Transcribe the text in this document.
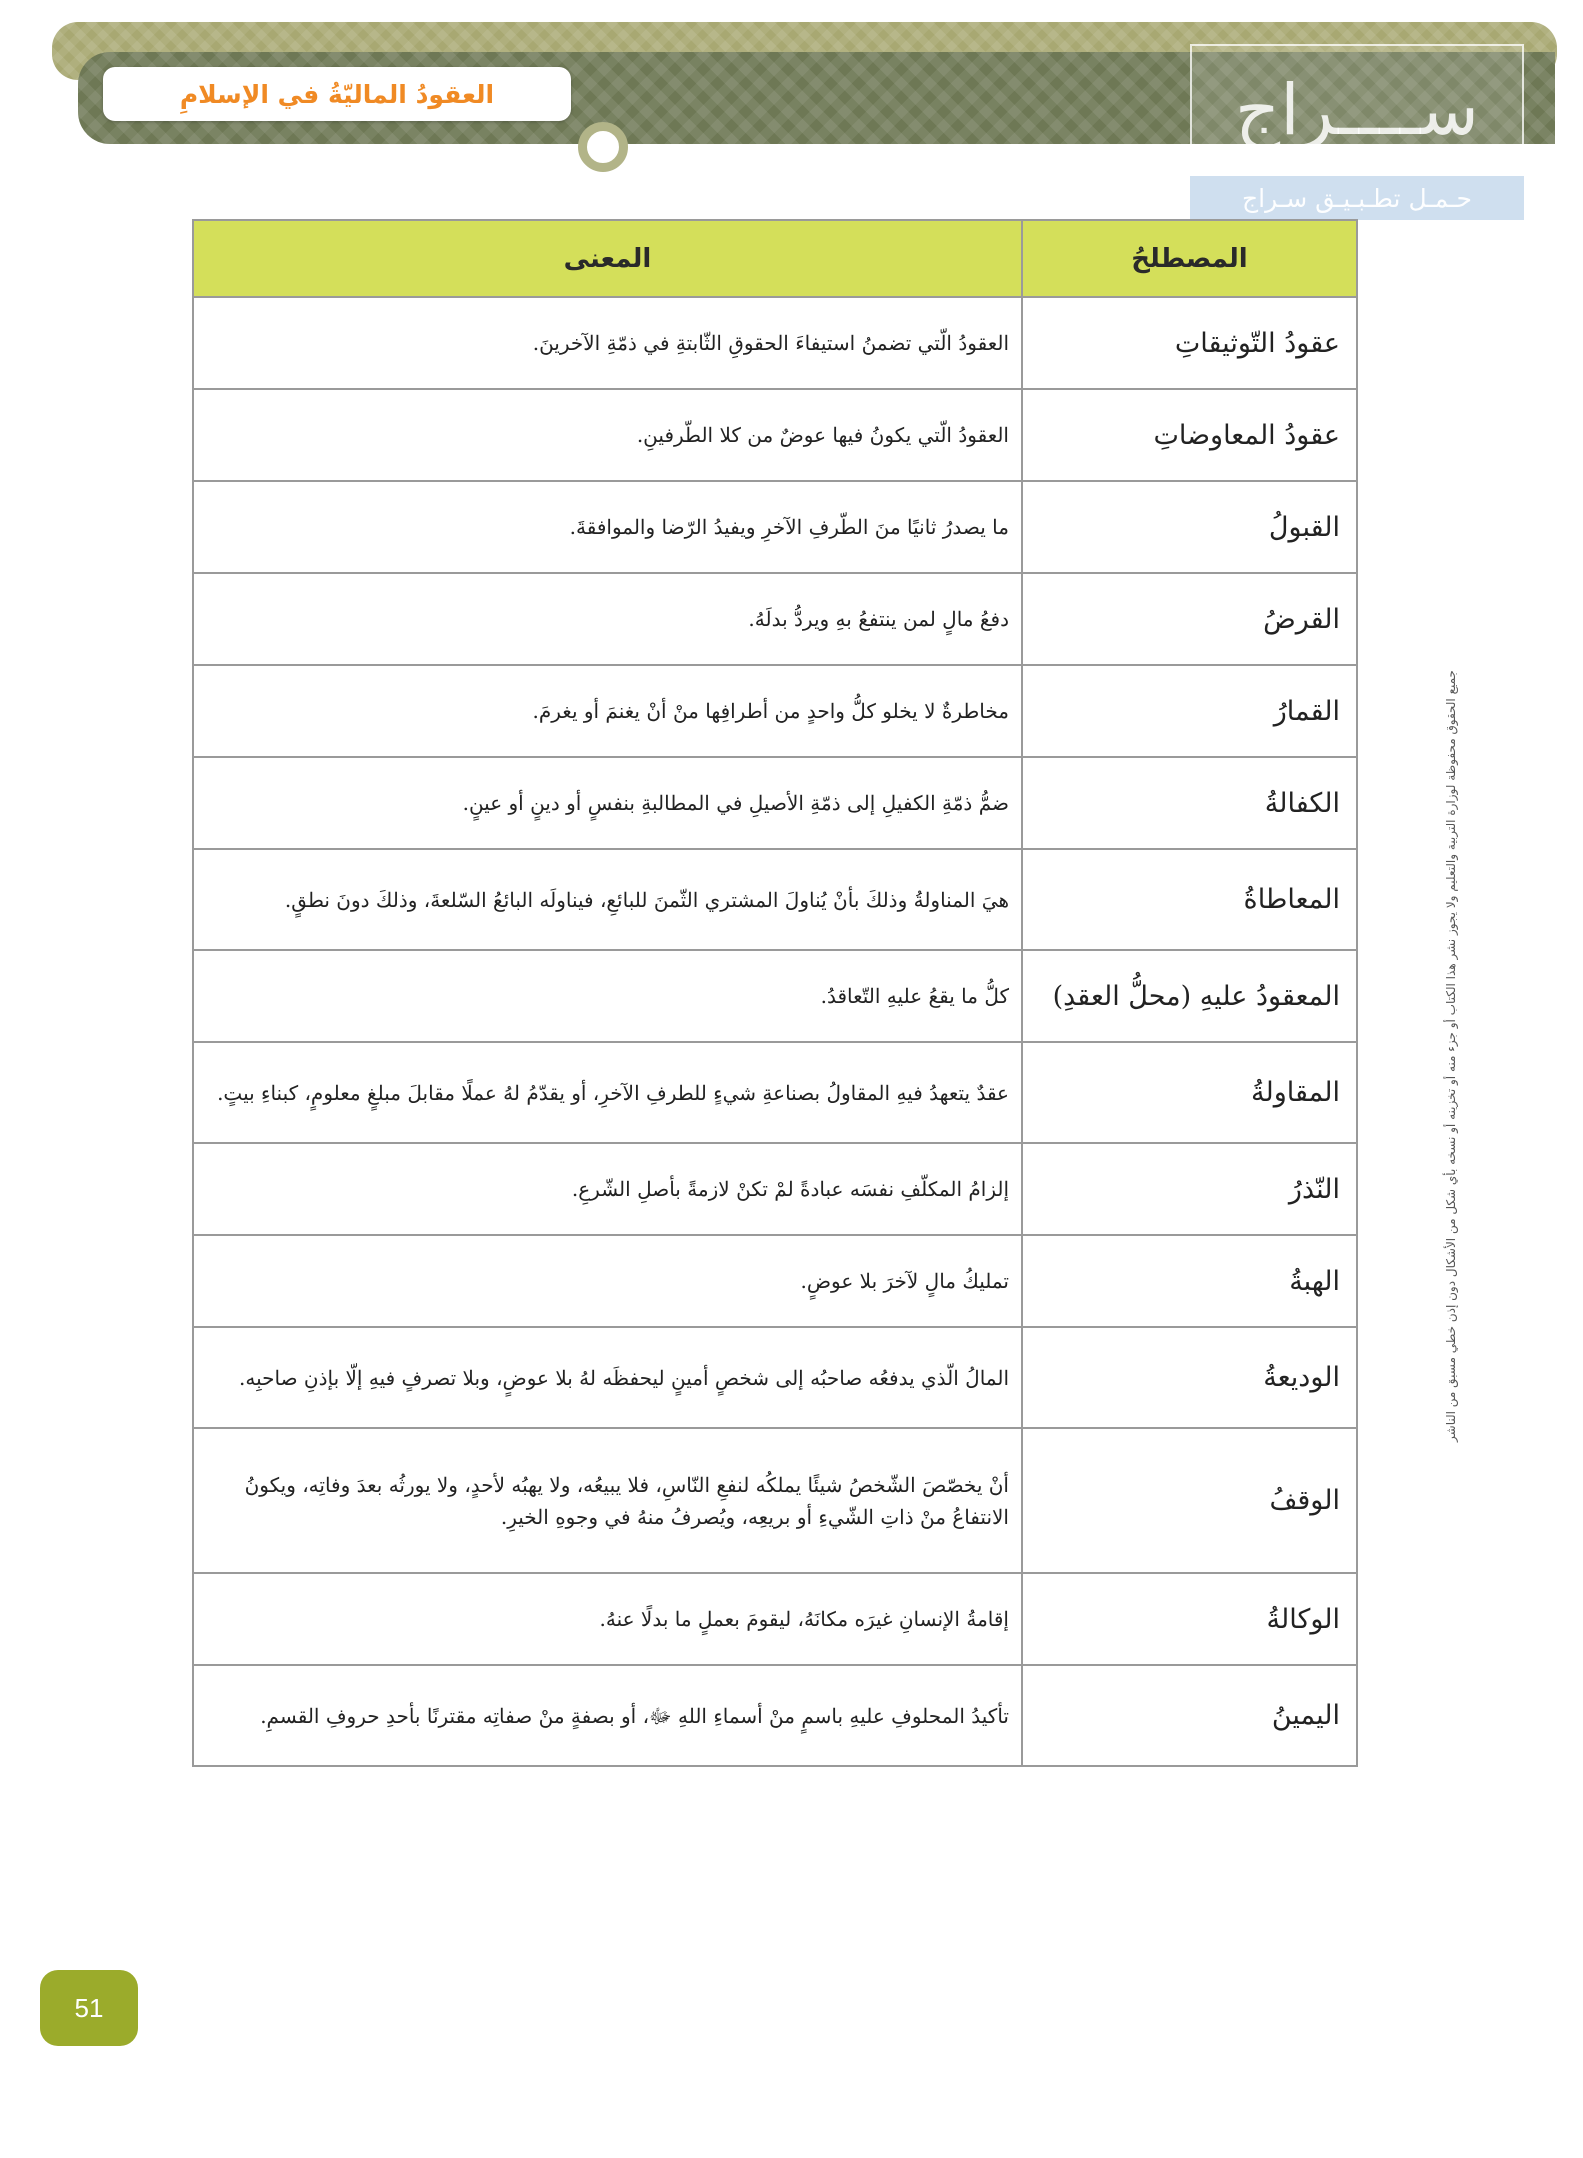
العقودُ الماليّةُ في الإسلامِ	ســــراج
حـمـل تطـبـيـق سـراج
المصطلحُ	المعنى
عقودُ التّوثيقاتِ	العقودُ الّتي تضمنُ استيفاءَ الحقوقِ الثّابتةِ في ذمّةِ الآخرينَ.
عقودُ المعاوضاتِ	العقودُ الّتي يكونُ فيها عوضٌ من كلا الطّرفينِ.
القبولُ	ما يصدرُ ثانيًا منَ الطّرفِ الآخرِ ويفيدُ الرّضا والموافقةَ.
القرضُ	دفعُ مالٍ لمن ينتفعُ بهِ ويردُّ بدلَهُ.
القمارُ	مخاطرةٌ لا يخلو كلُّ واحدٍ من أطرافِها منْ أنْ يغنمَ أو يغرمَ.
الكفالةُ	ضمُّ ذمّةِ الكفيلِ إلى ذمّةِ الأصيلِ في المطالبةِ بنفسٍ أو دينٍ أو عينٍ.
المعاطاةُ	هيَ المناولةُ وذلكَ بأنْ يُناولَ المشتري الثّمنَ للبائعِ، فيناولَه البائعُ السّلعةَ، وذلكَ دونَ نطقٍ.
المعقودُ عليهِ (محلُّ العقدِ)	كلُّ ما يقعُ عليهِ التّعاقدُ.
المقاولةُ	عقدٌ يتعهدُ فيهِ المقاولُ بصناعةِ شيءٍ للطرفِ الآخرِ، أو يقدّمُ لهُ عملًا مقابلَ مبلغٍ معلومٍ، كبناءِ بيتٍ.
النّذرُ	إلزامُ المكلّفِ نفسَه عبادةً لمْ تكنْ لازمةً بأصلِ الشّرعِ.
الهبةُ	تمليكُ مالٍ لآخرَ بلا عوضٍ.
الوديعةُ	المالُ الّذي يدفعُه صاحبُه إلى شخصٍ أمينٍ ليحفظَه لهُ بلا عوضٍ، وبلا تصرفٍ فيهِ إلّا بإذنِ صاحبِه.
الوقفُ	أنْ يخصّصَ الشّخصُ شيئًا يملكُه لنفعِ النّاسِ، فلا يبيعُه، ولا يهبُه لأحدٍ، ولا يورثُه بعدَ وفاتِه، ويكونُ الانتفاعُ منْ ذاتِ الشّيءِ أو بريعِه، ويُصرفُ منهُ في وجوهِ الخيرِ.
الوكالةُ	إقامةُ الإنسانِ غيرَه مكانَهُ، ليقومَ بعملٍ ما بدلًا عنهُ.
اليمينُ	تأكيدُ المحلوفِ عليهِ باسمٍ منْ أسماءِ اللهِ ﷻ، أو بصفةٍ منْ صفاتِه مقترنًا بأحدِ حروفِ القسمِ.
جميع الحقوق محفوظة لوزارة التربية والتعليم ولا يجوز نشر هذا الكتاب أو جزء منه أو تخزينه أو نسخه بأي شكل من الأشكال دون إذن خطي مسبق من الناشر
51
